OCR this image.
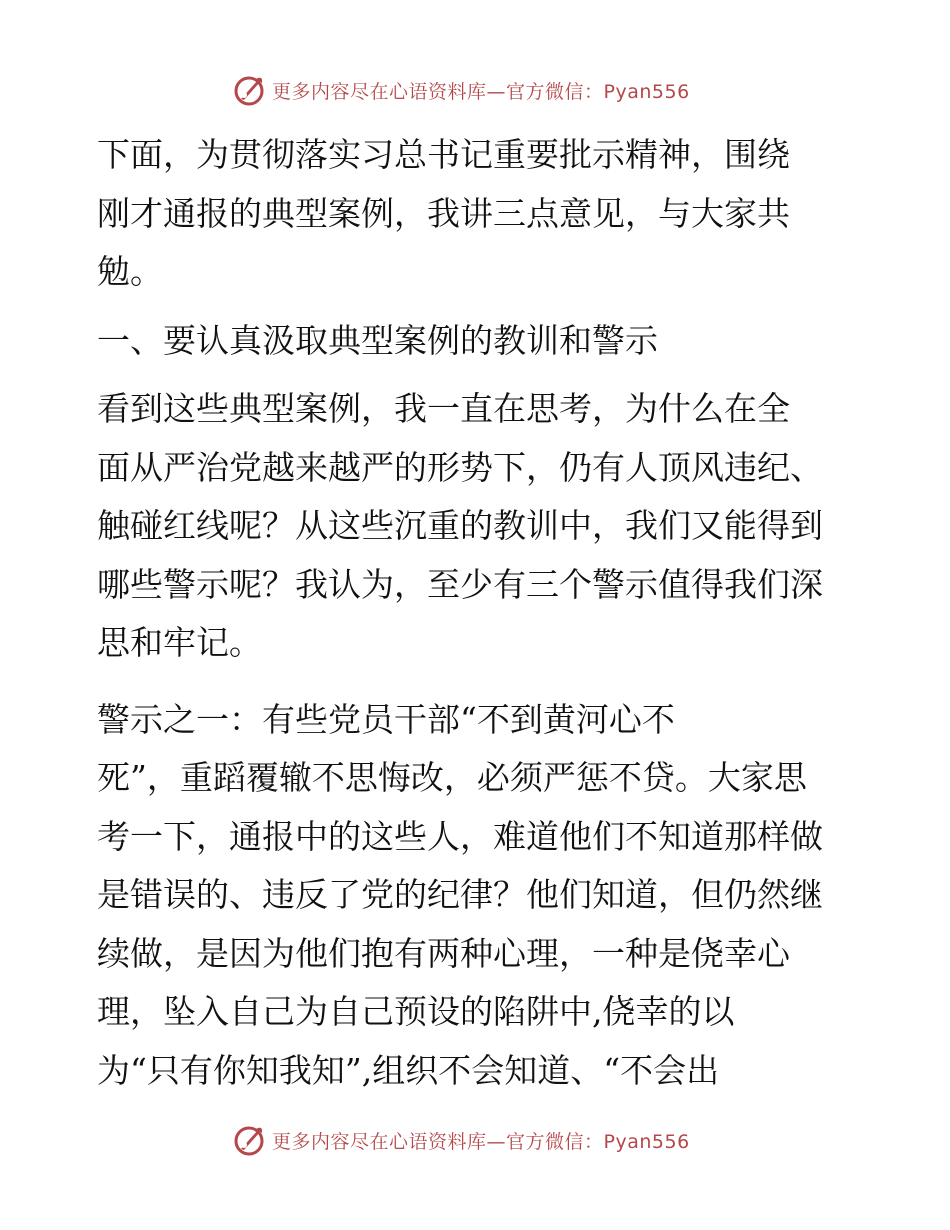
更多内容尽在心语资料库—官方微信：Pyan556

下面，为贯彻落实习总书记重要批示精神，围绕
刚才通报的典型案例，我讲三点意见，与大家共
勉。

一、要认真汲取典型案例的教训和警示

看到这些典型案例，我一直在思考，为什么在全
面从严治党越来越严的形势下，仍有人顶风违纪、
触碰红线呢？从这些沉重的教训中，我们又能得到
哪些警示呢？我认为，至少有三个警示值得我们深
思和牢记。

警示之一：有些党员干部“不到黄河心不
死”，重蹈覆辙不思悔改，必须严惩不贷。大家思
考一下，通报中的这些人，难道他们不知道那样做
是错误的、违反了党的纪律？他们知道，但仍然继
续做，是因为他们抱有两种心理，一种是侥幸心
理，坠入自己为自己预设的陷阱中,侥幸的以
为“只有你知我知”,组织不会知道、“不会出

更多内容尽在心语资料库—官方微信：Pyan556
